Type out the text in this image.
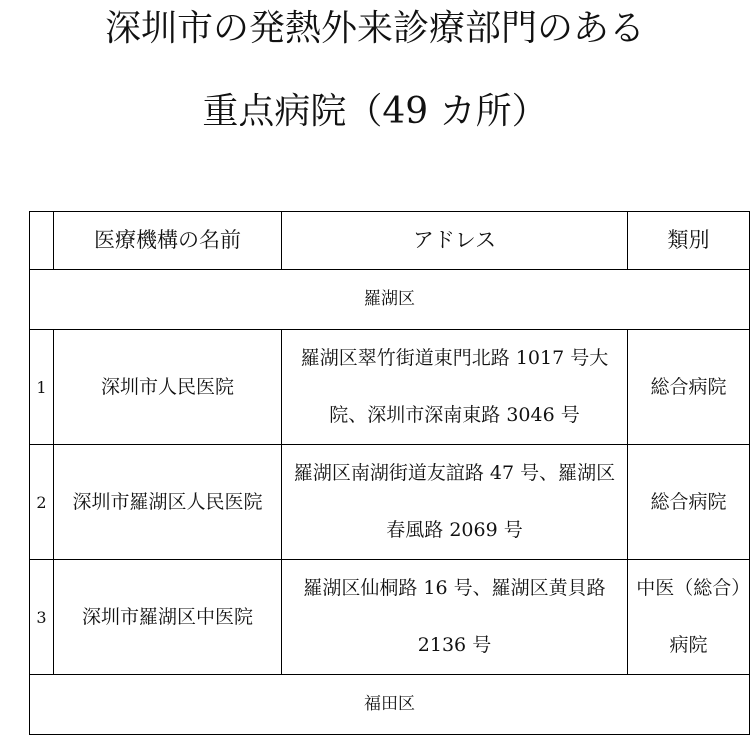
深圳市の発熱外来診療部門のある
重点病院（49 カ所）
	医療機構の名前	アドレス	類別
羅湖区			
1	深圳市人民医院	羅湖区翠竹街道東門北路 1017 号大院、深圳市深南東路 3046 号	総合病院
2	深圳市羅湖区人民医院	羅湖区南湖街道友誼路 47 号、羅湖区春風路 2069 号	総合病院
3	深圳市羅湖区中医院	羅湖区仙桐路 16 号、羅湖区黄貝路 2136 号	中医（総合）病院
福田区			
